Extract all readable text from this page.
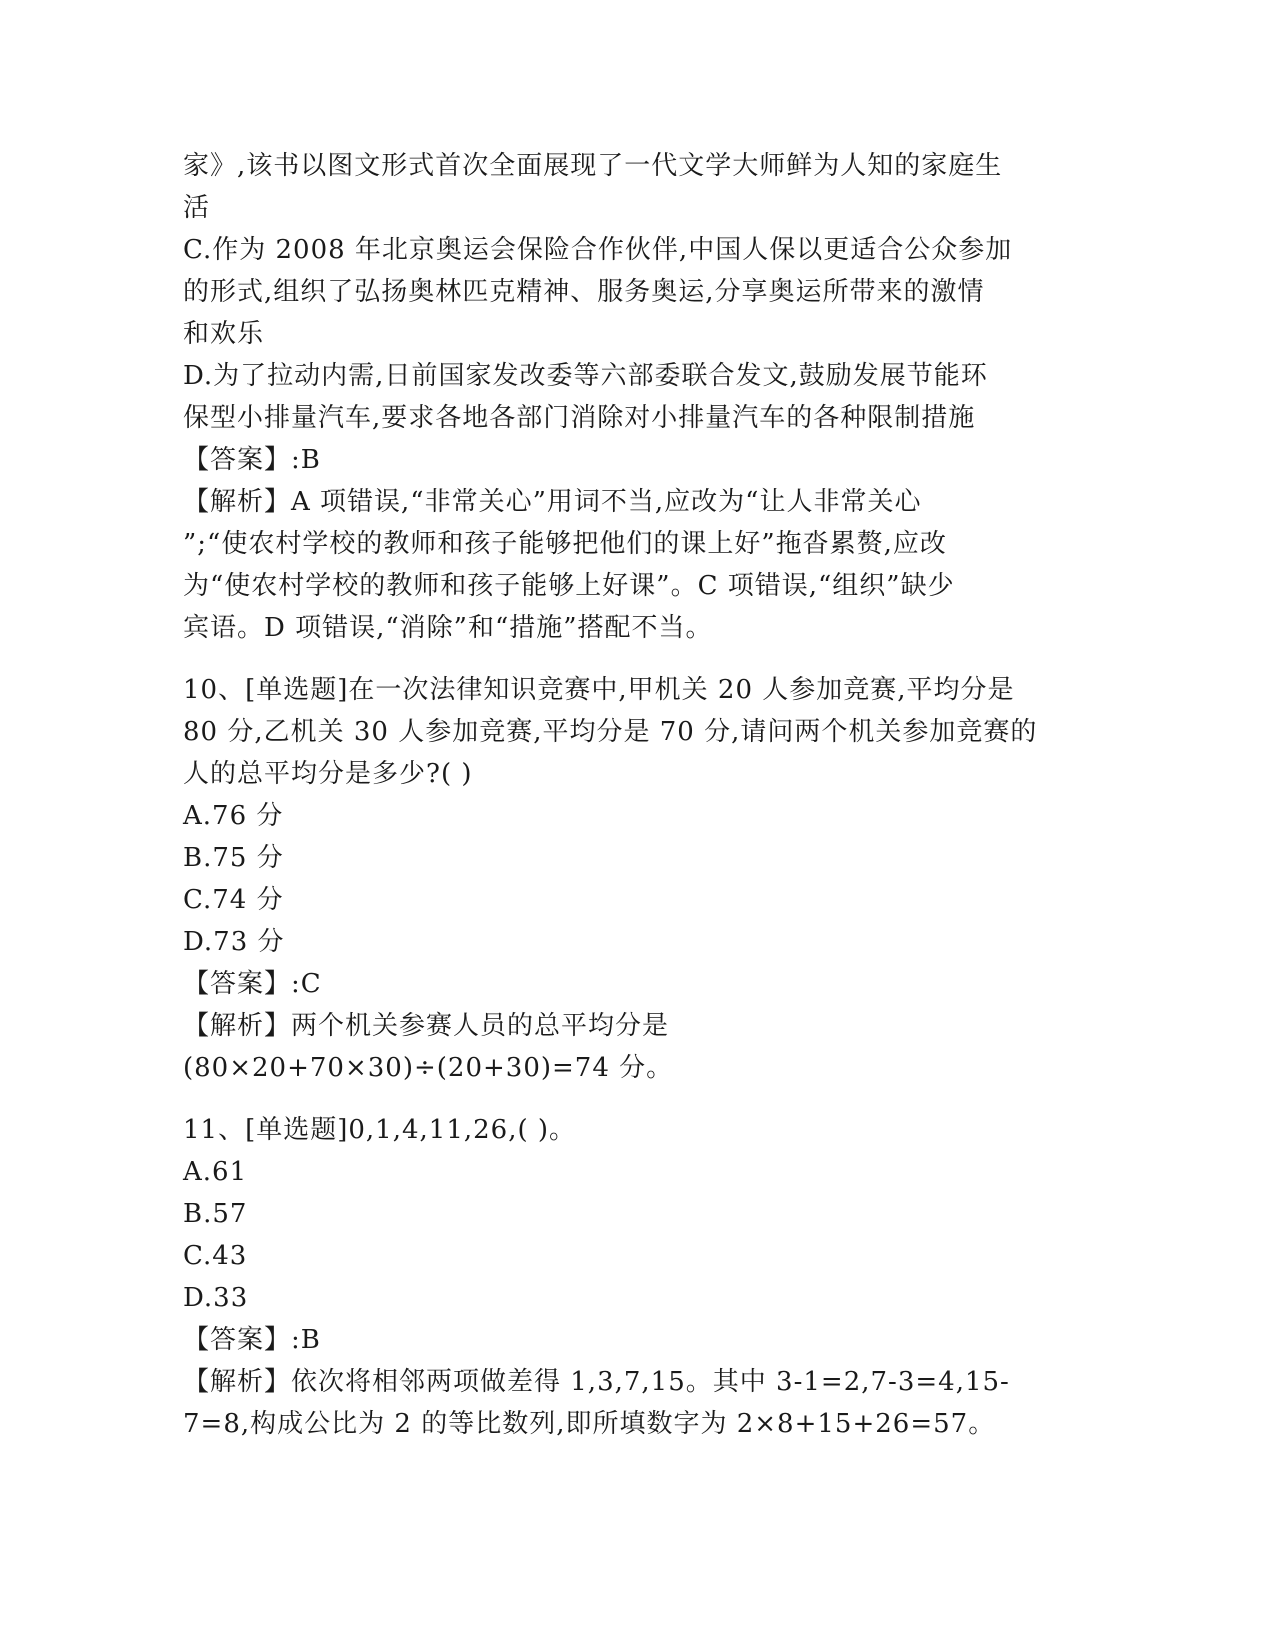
家》,该书以图文形式首次全面展现了一代文学大师鲜为人知的家庭生
活
C.作为 2008 年北京奥运会保险合作伙伴,中国人保以更适合公众参加
的形式,组织了弘扬奥林匹克精神、服务奥运,分享奥运所带来的激情
和欢乐
D.为了拉动内需,日前国家发改委等六部委联合发文,鼓励发展节能环
保型小排量汽车,要求各地各部门消除对小排量汽车的各种限制措施
【答案】:B
【解析】A 项错误,“非常关心”用词不当,应改为“让人非常关心
”;“使农村学校的教师和孩子能够把他们的课上好”拖沓累赘,应改
为“使农村学校的教师和孩子能够上好课”。C 项错误,“组织”缺少
宾语。D 项错误,“消除”和“措施”搭配不当。
10、[单选题]在一次法律知识竞赛中,甲机关 20 人参加竞赛,平均分是
80 分,乙机关 30 人参加竞赛,平均分是 70 分,请问两个机关参加竞赛的
人的总平均分是多少?( )
A.76 分
B.75 分
C.74 分
D.73 分
【答案】:C
【解析】两个机关参赛人员的总平均分是
(80×20+70×30)÷(20+30)=74 分。
11、[单选题]0,1,4,11,26,( )。
A.61
B.57
C.43
D.33
【答案】:B
【解析】依次将相邻两项做差得 1,3,7,15。其中 3-1=2,7-3=4,15-
7=8,构成公比为 2 的等比数列,即所填数字为 2×8+15+26=57。
